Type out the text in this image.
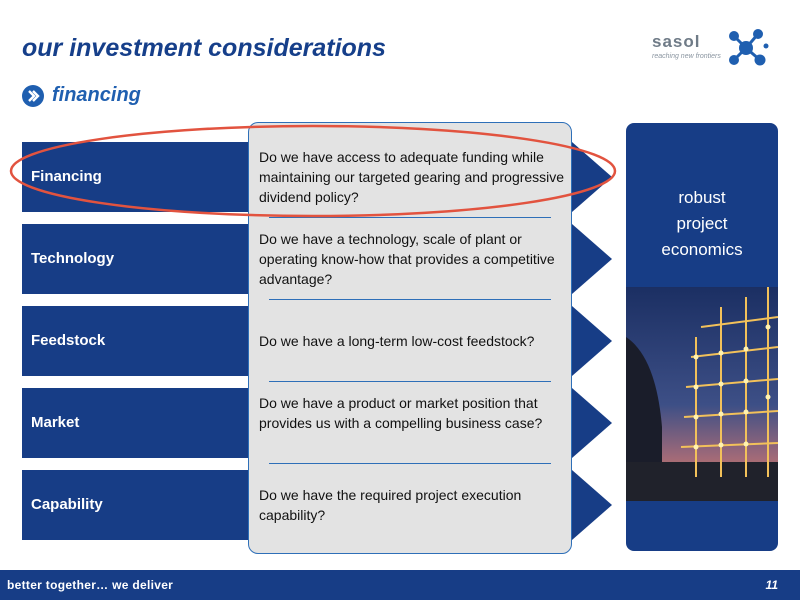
our investment considerations
financing
sasol
reaching new frontiers
Financing
Technology
Feedstock
Market
Capability
Do we have access to adequate funding while maintaining our targeted gearing and progressive dividend policy?
Do we have a technology, scale of plant or operating know-how that provides a competitive advantage?
Do we have a long-term low-cost feedstock?
Do we have a product or market position that provides us with a compelling business case?
Do we have the required project execution capability?
robust
project
economics
better together… we deliver	11
